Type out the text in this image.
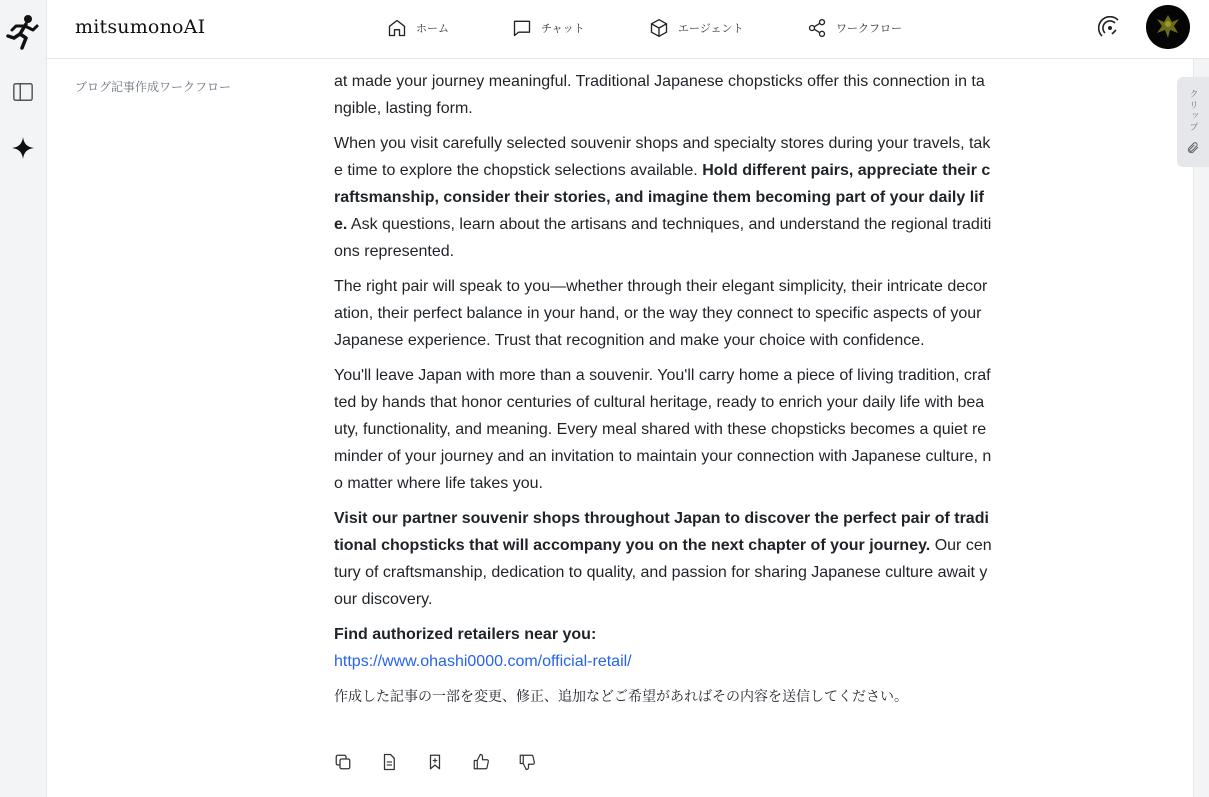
mitsumonoAI	ホーム	チャット	エージェント	ワークフロー
ブログ記事作成ワークフロー	at made your journey meaningful. Traditional Japanese chopsticks offer this connection in tangible, lasting form.

When you visit carefully selected souvenir shops and specialty stores during your travels, take time to explore the chopstick selections available. Hold different pairs, appreciate their craftsmanship, consider their stories, and imagine them becoming part of your daily life. Ask questions, learn about the artisans and techniques, and understand the regional traditions represented.

The right pair will speak to you—whether through their elegant simplicity, their intricate decoration, their perfect balance in your hand, or the way they connect to specific aspects of your Japanese experience. Trust that recognition and make your choice with confidence.

You'll leave Japan with more than a souvenir. You'll carry home a piece of living tradition, crafted by hands that honor centuries of cultural heritage, ready to enrich your daily life with beauty, functionality, and meaning. Every meal shared with these chopsticks becomes a quiet reminder of your journey and an invitation to maintain your connection with Japanese culture, no matter where life takes you.

Visit our partner souvenir shops throughout Japan to discover the perfect pair of traditional chopsticks that will accompany you on the next chapter of your journey. Our century of craftsmanship, dedication to quality, and passion for sharing Japanese culture await your discovery.

Find authorized retailers near you:

https://www.ohashi0000.com/official-retail/

作成した記事の一部を変更、修正、追加などご希望があればその内容を送信してください。

クリップ
